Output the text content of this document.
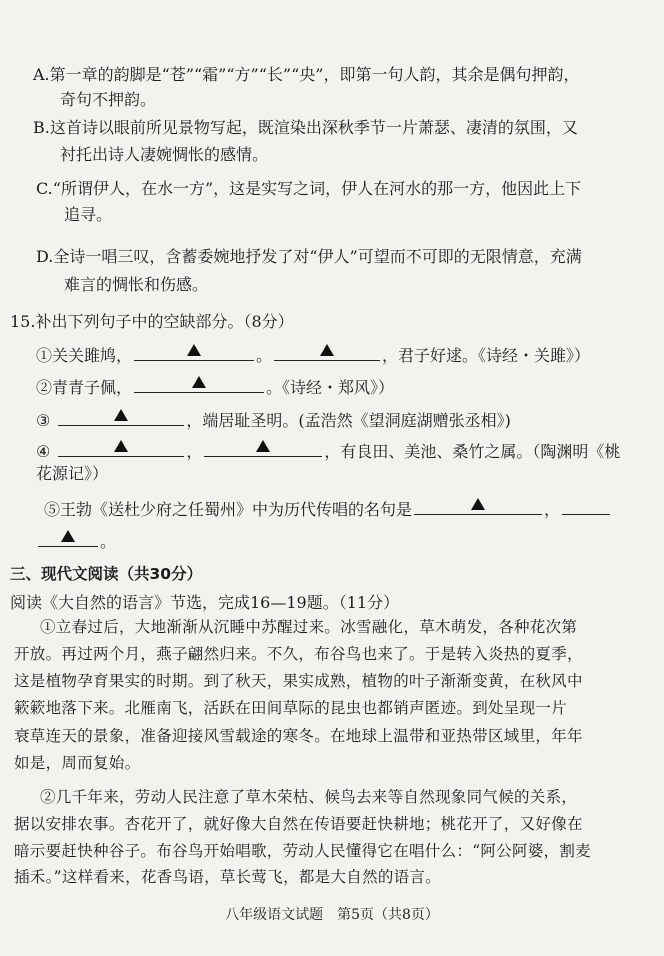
A.第一章的韵脚是“苍”“霜”“方”“长”“央”，即第一句人韵，其余是偶句押韵，
奇句不押韵。
B.这首诗以眼前所见景物写起，既渲染出深秋季节一片萧瑟、凄清的氛围，又
衬托出诗人凄婉惆怅的感情。
C.“所谓伊人，在水一方”，这是实写之词，伊人在河水的那一方，他因此上下
追寻。
D.全诗一唱三叹，含蓄委婉地抒发了对“伊人”可望而不可即的无限情意，充满
难言的惆怅和伤感。
15.补出下列句子中的空缺部分。（8分）
①关关雎鸠，	。	，君子好逑。《诗经・关雎》）
②青青子佩，	。《诗经・郑风》）
③	，端居耻圣明。(孟浩然《望洞庭湖赠张丞相》)
④	，	，有良田、美池、桑竹之属。（陶渊明《桃
花源记》）
⑤王勃《送杜少府之任蜀州》中为历代传唱的名句是	，
。
三、现代文阅读（共30分）
阅读《大自然的语言》节选，完成16—19题。（11分）
①立春过后，大地渐渐从沉睡中苏醒过来。冰雪融化，草木萌发，各种花次第
开放。再过两个月，燕子翩然归来。不久，布谷鸟也来了。于是转入炎热的夏季，
这是植物孕育果实的时期。到了秋天，果实成熟，植物的叶子渐渐变黄，在秋风中
簌簌地落下来。北雁南飞，活跃在田间草际的昆虫也都销声匿迹。到处呈现一片
衰草连天的景象，准备迎接风雪载途的寒冬。在地球上温带和亚热带区域里，年年
如是，周而复始。
②几千年来，劳动人民注意了草木荣枯、候鸟去来等自然现象同气候的关系，
据以安排农事。杏花开了，就好像大自然在传语要赶快耕地；桃花开了，又好像在
暗示要赶快种谷子。布谷鸟开始唱歌，劳动人民懂得它在唱什么：“阿公阿婆，割麦
插禾。”这样看来，花香鸟语，草长莺飞，都是大自然的语言。
八年级语文试题　第5页（共8页）
